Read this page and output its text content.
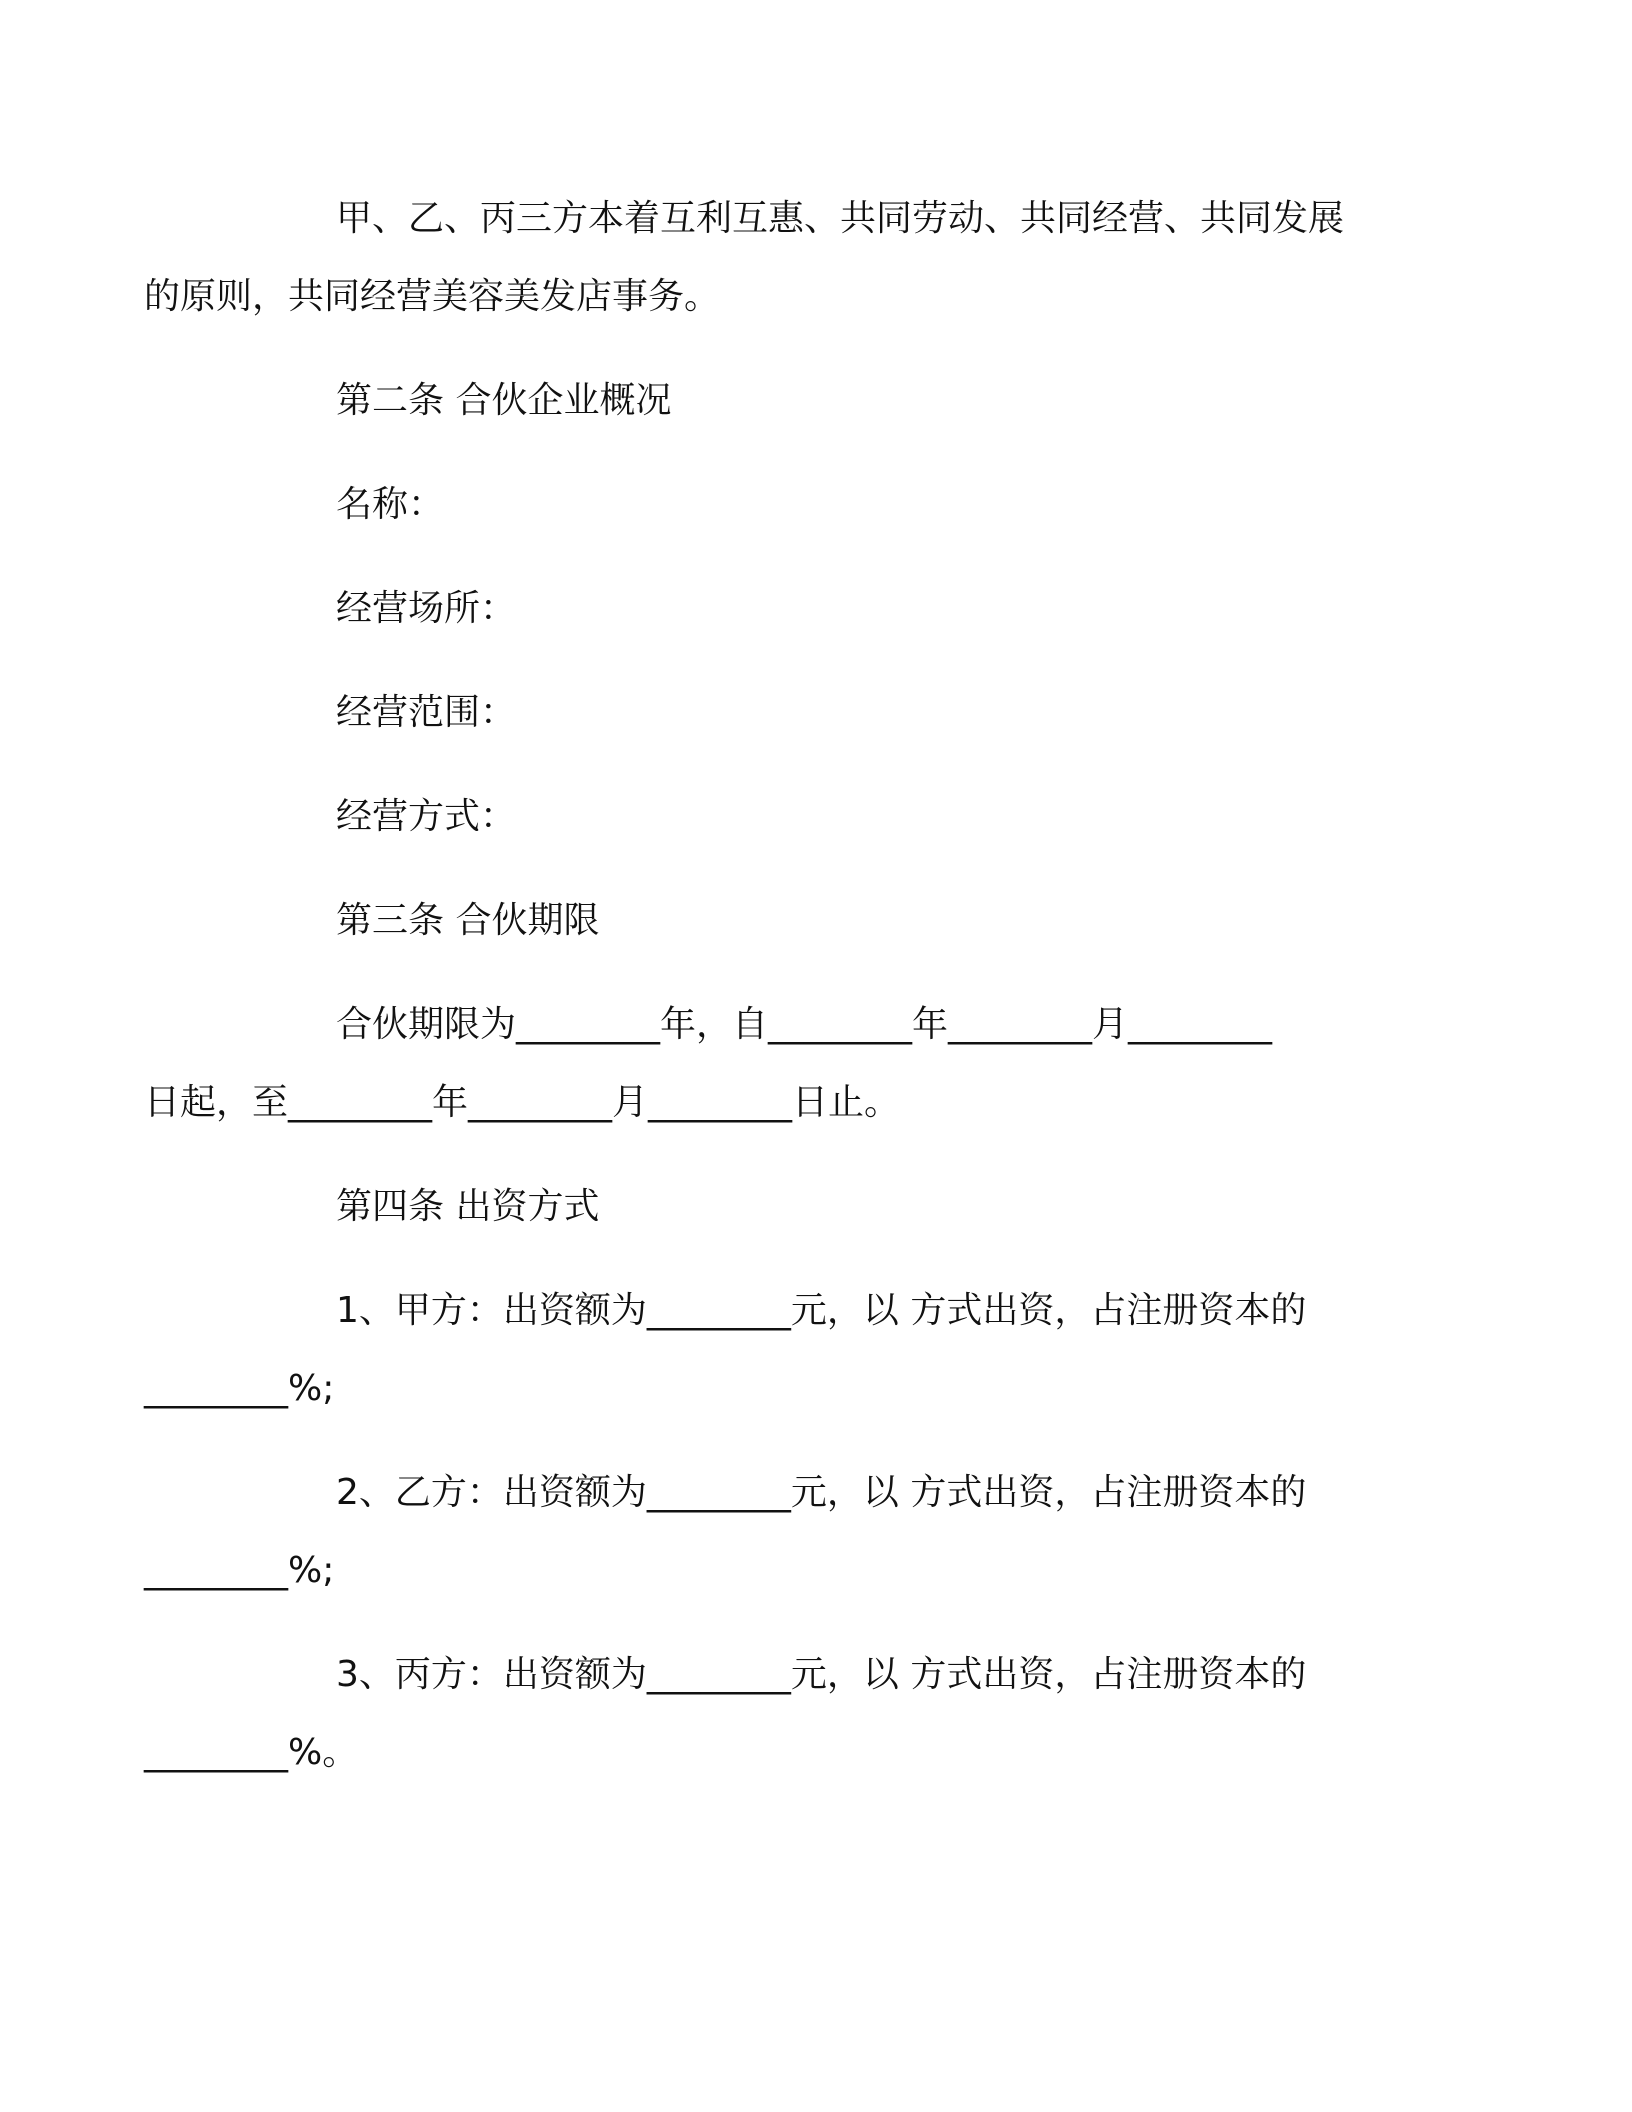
甲、乙、丙三方本着互利互惠、共同劳动、共同经营、共同发展
的原则，共同经营美容美发店事务。

第二条 合伙企业概况

名称：

经营场所：

经营范围：

经营方式：

第三条 合伙期限

合伙期限为________年，自________年________月________
日起，至________年________月________日止。

第四条 出资方式

1、甲方：出资额为________元，以 方式出资，占注册资本的
________%;

2、乙方：出资额为________元，以 方式出资，占注册资本的
________%;

3、丙方：出资额为________元，以 方式出资，占注册资本的
________%。
